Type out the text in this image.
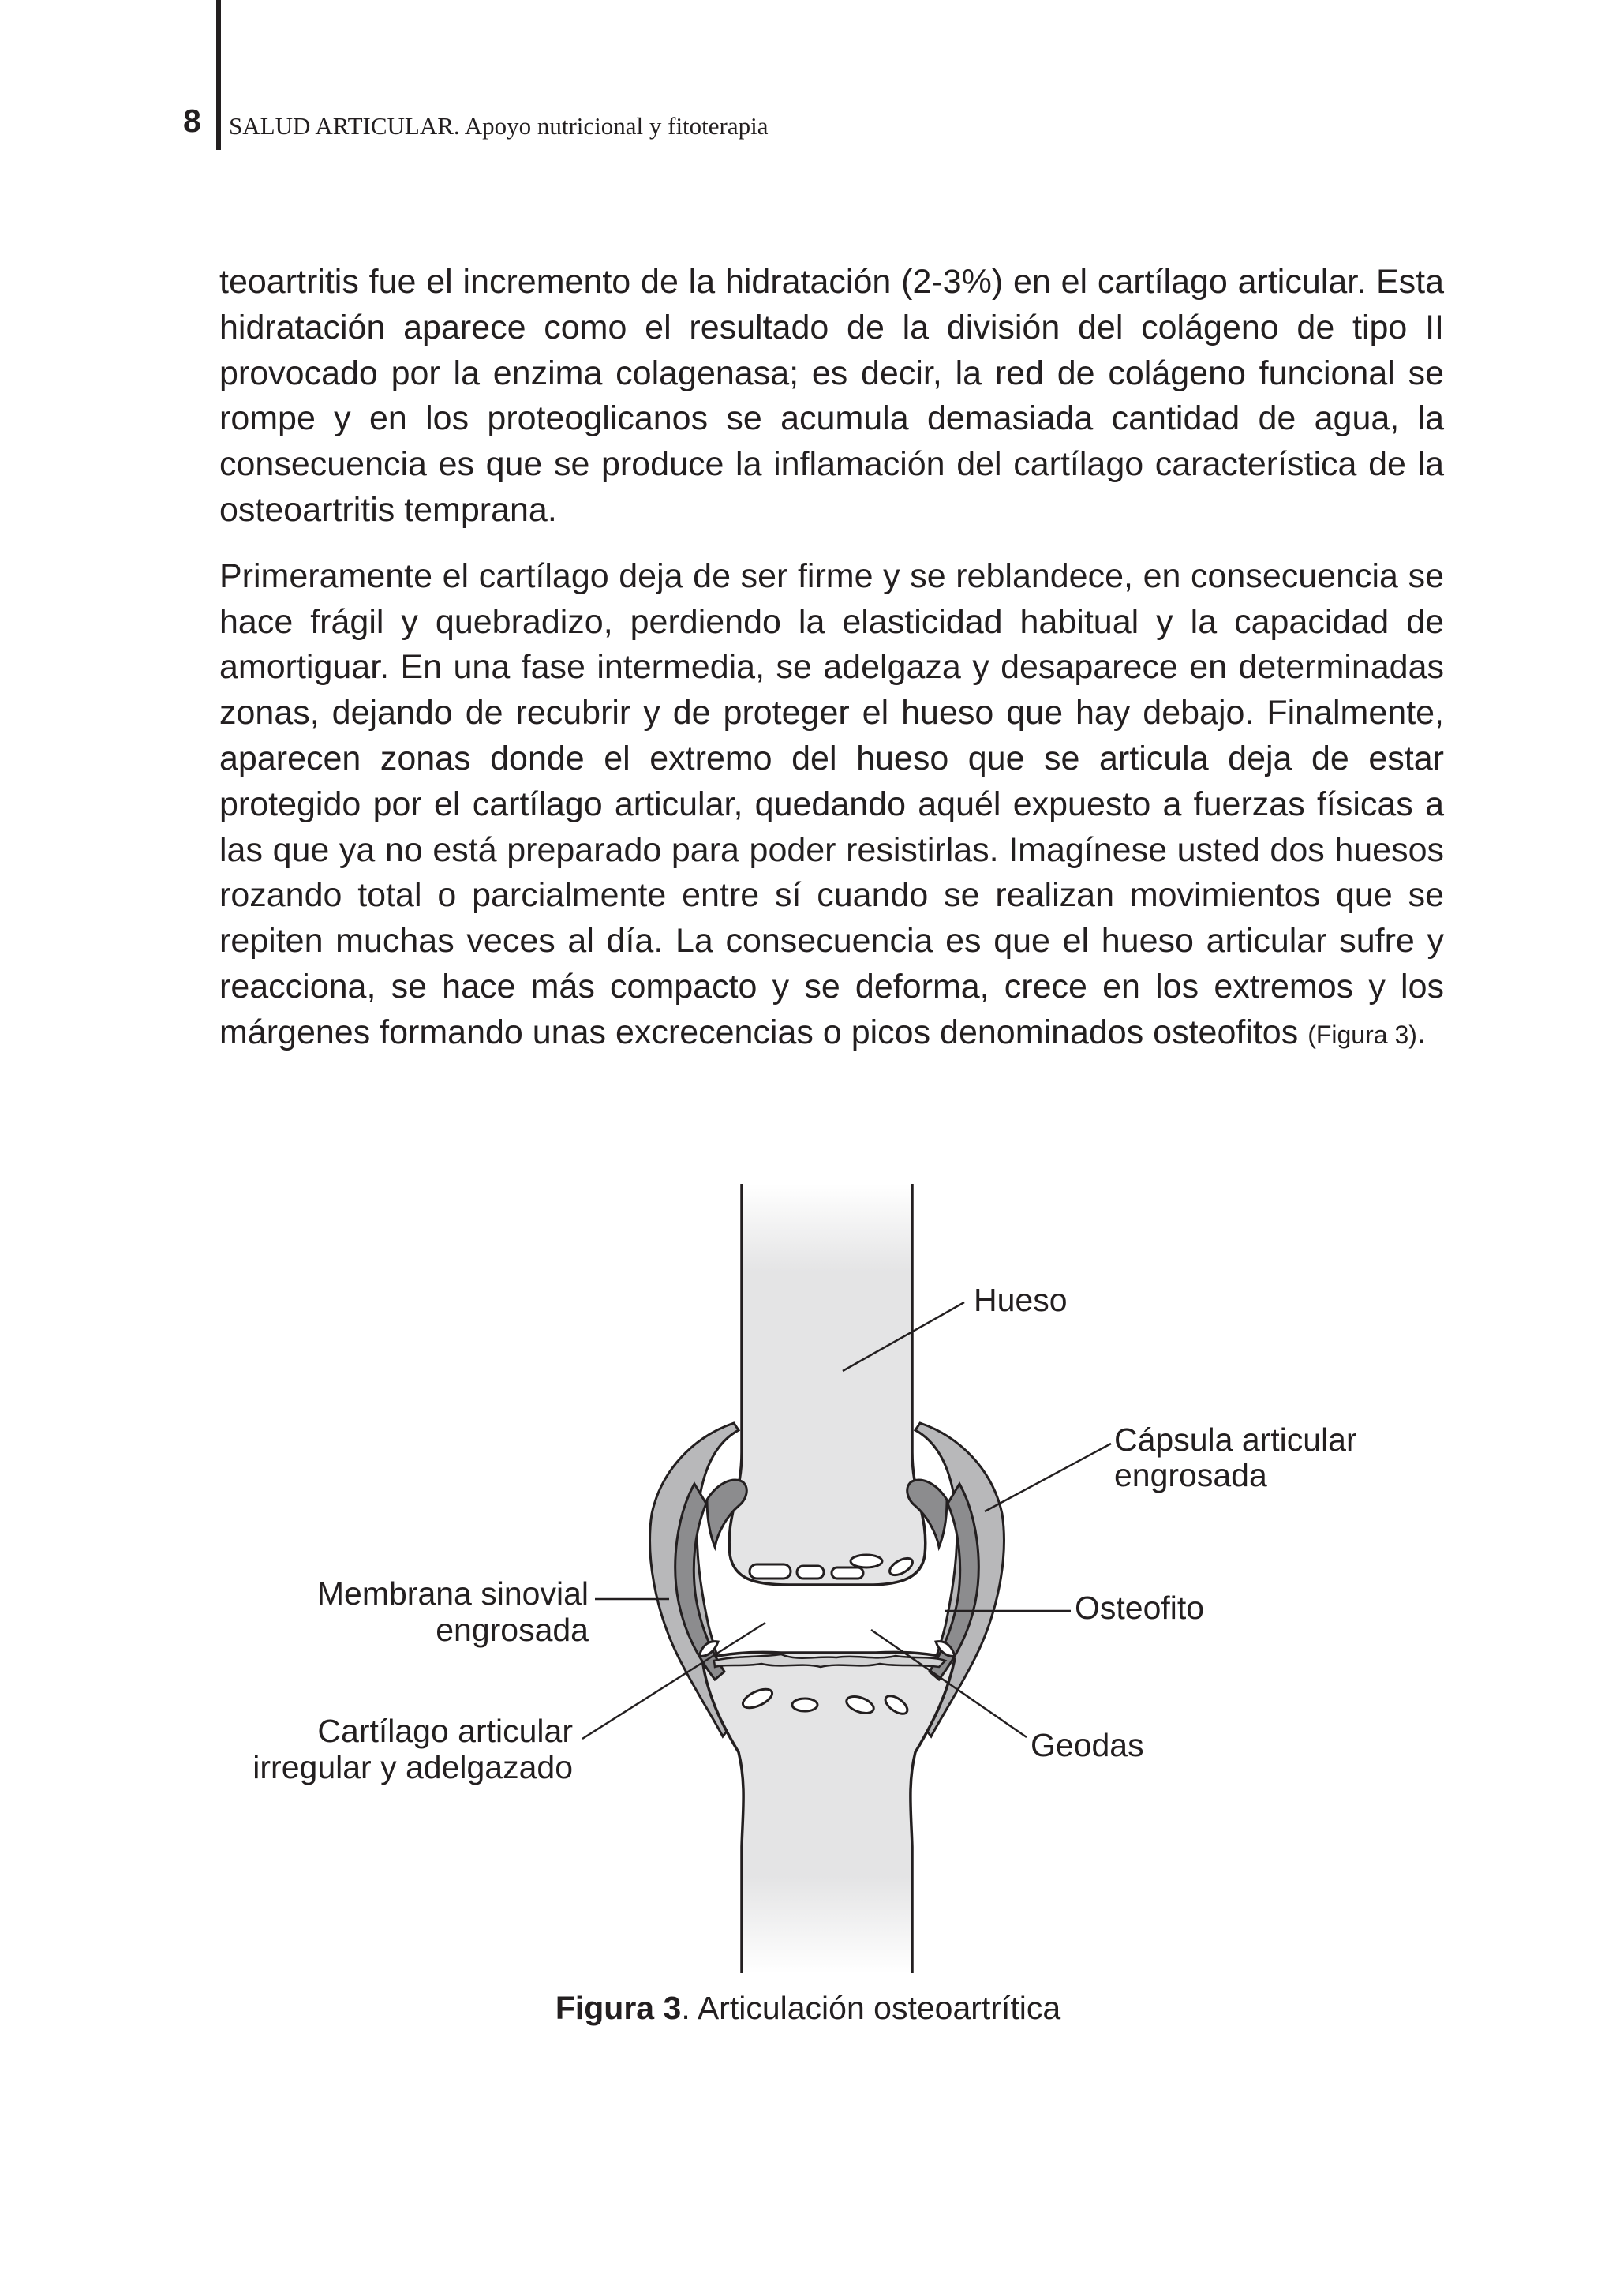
8 SALUD ARTICULAR. Apoyo nutricional y fitoterapia

teoartritis fue el incremento de la hidratación (2-3%) en el cartílago articular. Esta hidratación aparece como el resultado de la división del colágeno de tipo II provocado por la enzima colagenasa; es decir, la red de colágeno funcional se rompe y en los proteoglicanos se acumula demasiada cantidad de agua, la consecuencia es que se produce la inflamación del cartílago característica de la osteoartritis temprana.

Primeramente el cartílago deja de ser firme y se reblandece, en consecuencia se hace frágil y quebradizo, perdiendo la elasticidad habitual y la capacidad de amortiguar. En una fase intermedia, se adelgaza y desaparece en determinadas zonas, dejando de recubrir y de proteger el hueso que hay debajo. Finalmente, aparecen zonas donde el extremo del hueso que se articula deja de estar protegido por el cartílago articular, quedando aquél expuesto a fuerzas físicas a las que ya no está preparado para poder resistirlas. Imagínese usted dos huesos rozando total o parcialmente entre sí cuando se realizan movimientos que se repiten muchas veces al día. La consecuencia es que el hueso articular sufre y reacciona, se hace más compacto y se deforma, crece en los extremos y los márgenes formando unas excrecencias o picos denominados osteofitos (Figura 3).

Hueso
Cápsula articular
engrosada
Membrana sinovial
engrosada
Osteofito
Cartílago articular
irregular y adelgazado
Geodas
Figura 3. Articulación osteoartrítica
